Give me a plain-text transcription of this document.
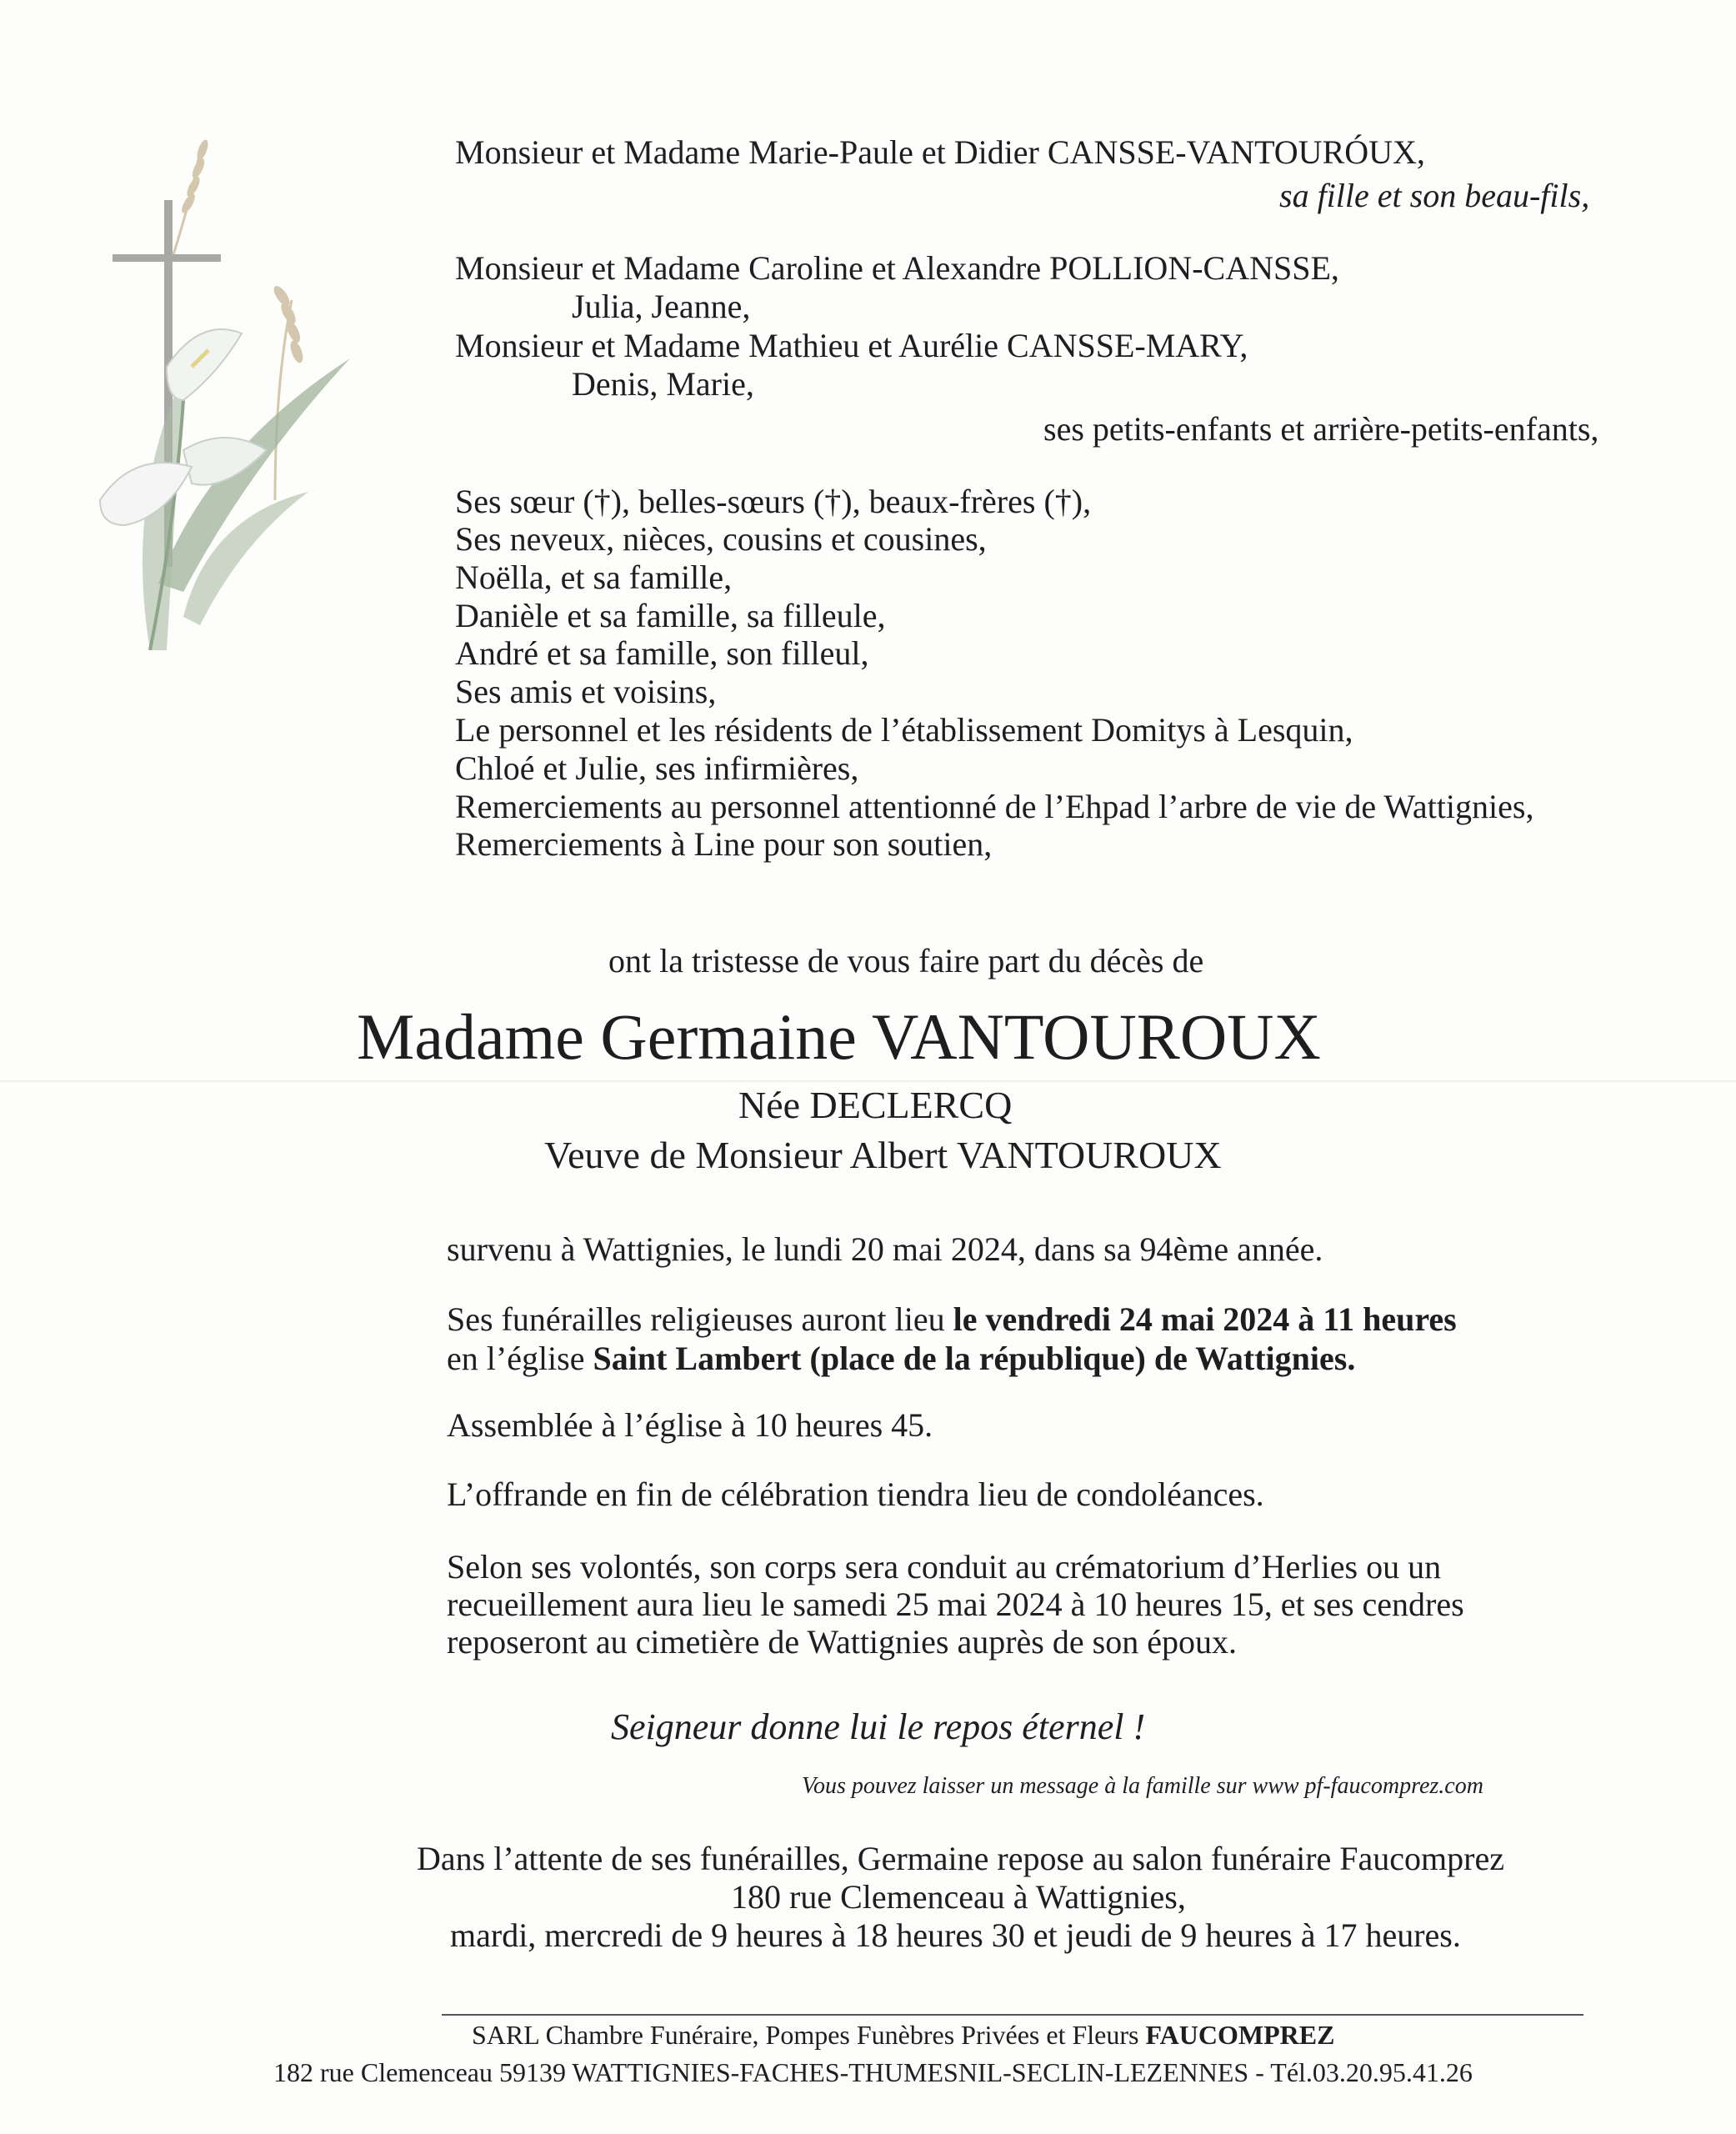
Monsieur et Madame Marie-Paule et Didier CANSSE-VANTOURÓUX,
sa fille et son beau-fils,
Monsieur et Madame Caroline et Alexandre POLLION-CANSSE,
Julia, Jeanne,
Monsieur et Madame Mathieu et Aurélie CANSSE-MARY,
Denis, Marie,
ses petits-enfants et arrière-petits-enfants,
Ses sœur (†), belles-sœurs (†), beaux-frères (†),
Ses neveux, nièces, cousins et cousines,
Noëlla, et sa famille,
Danièle et sa famille, sa filleule,
André et sa famille, son filleul,
Ses amis et voisins,
Le personnel et les résidents de l’établissement Domitys à Lesquin,
Chloé et Julie, ses infirmières,
Remerciements au personnel attentionné de l’Ehpad l’arbre de vie de Wattignies,
Remerciements à Line pour son soutien,
ont la tristesse de vous faire part du décès de
Madame Germaine VANTOUROUX
Née DECLERCQ
Veuve de Monsieur Albert VANTOUROUX
survenu à Wattignies, le lundi 20 mai 2024, dans sa 94ème année.
Ses funérailles religieuses auront lieu le vendredi 24 mai 2024 à 11 heures
en l’église Saint Lambert (place de la république) de Wattignies.
Assemblée à l’église à 10 heures 45.
L’offrande en fin de célébration tiendra lieu de condoléances.
Selon ses volontés, son corps sera conduit au crématorium d’Herlies ou un
recueillement aura lieu le samedi 25 mai 2024 à 10 heures 15, et ses cendres
reposeront au cimetière de Wattignies auprès de son époux.
Seigneur donne lui le repos éternel !
Vous pouvez laisser un message à la famille sur www pf-faucomprez.com
Dans l’attente de ses funérailles, Germaine repose au salon funéraire Faucomprez
180 rue Clemenceau à Wattignies,
mardi, mercredi de 9 heures à 18 heures 30 et jeudi de 9 heures à 17 heures.
SARL Chambre Funéraire, Pompes Funèbres Privées et Fleurs FAUCOMPREZ
182 rue Clemenceau 59139 WATTIGNIES-FACHES-THUMESNIL-SECLIN-LEZENNES - Tél.03.20.95.41.26
